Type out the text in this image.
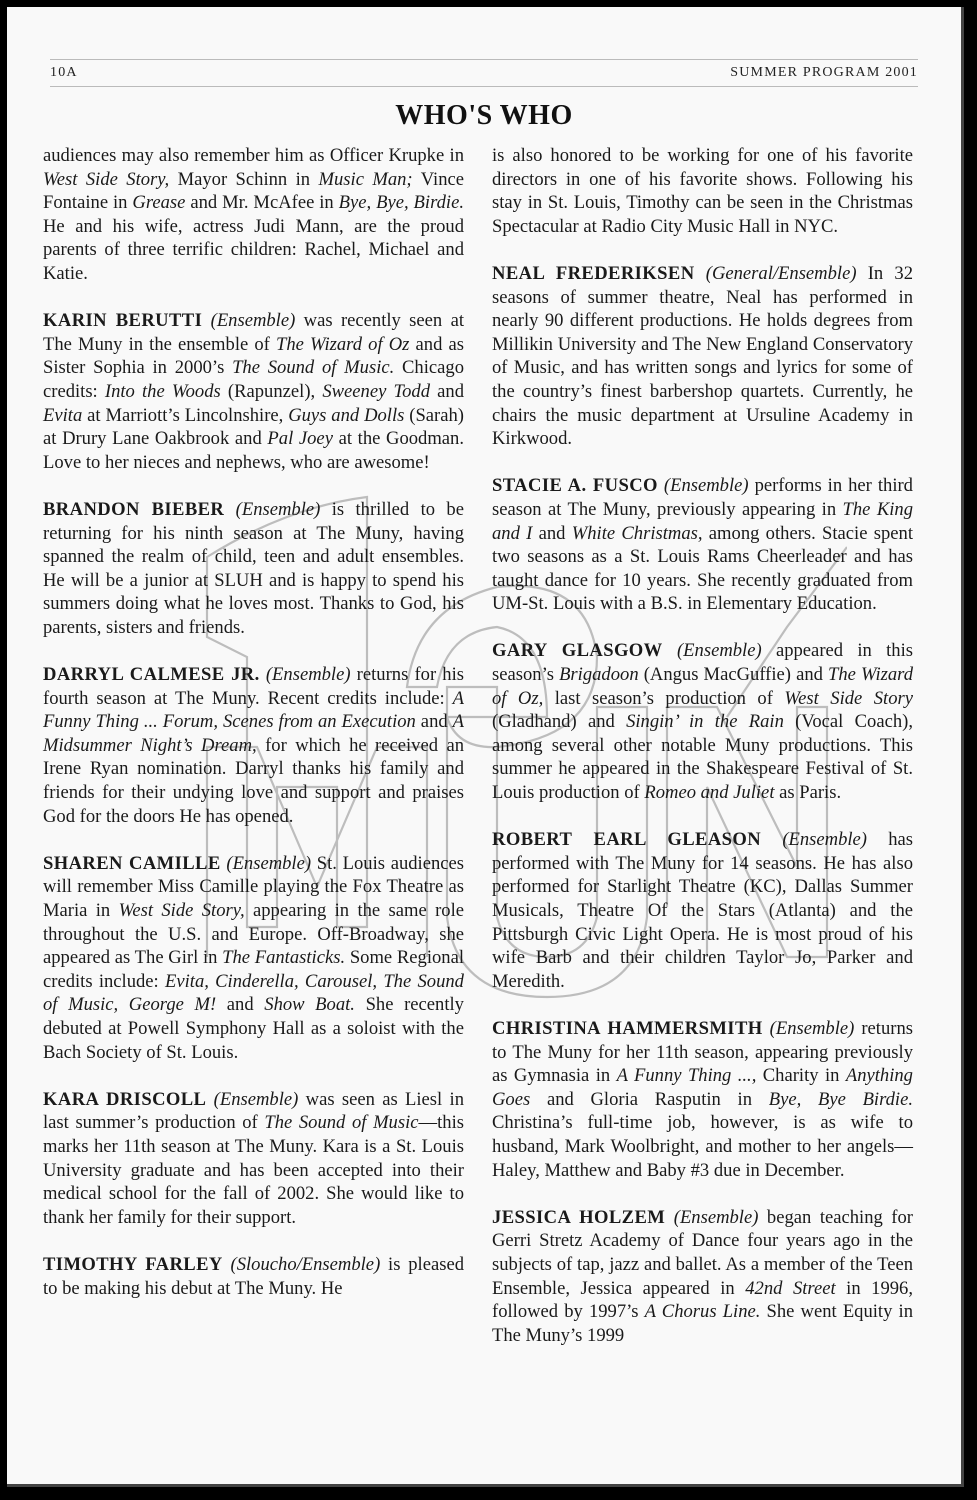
10A	SUMMER PROGRAM 2001
WHO'S WHO

audiences may also remember him as Officer Krupke in West Side Story, Mayor Schinn in Music Man; Vince Fontaine in Grease and Mr. McAfee in Bye, Bye, Birdie. He and his wife, actress Judi Mann, are the proud parents of three terrific children: Rachel, Michael and Katie.

KARIN BERUTTI (Ensemble) was recently seen at The Muny in the ensemble of The Wizard of Oz and as Sister Sophia in 2000’s The Sound of Music. Chicago credits: Into the Woods (Rapunzel), Sweeney Todd and Evita at Marriott’s Lincolnshire, Guys and Dolls (Sarah) at Drury Lane Oakbrook and Pal Joey at the Goodman. Love to her nieces and nephews, who are awesome!

BRANDON BIEBER (Ensemble) is thrilled to be returning for his ninth season at The Muny, having spanned the realm of child, teen and adult ensembles. He will be a junior at SLUH and is happy to spend his summers doing what he loves most. Thanks to God, his parents, sisters and friends.

DARRYL CALMESE JR. (Ensemble) returns for his fourth season at The Muny. Recent credits include: A Funny Thing ... Forum, Scenes from an Execution and A Midsummer Night’s Dream, for which he received an Irene Ryan nomination. Darryl thanks his family and friends for their undying love and support and praises God for the doors He has opened.

SHAREN CAMILLE (Ensemble) St. Louis audiences will remember Miss Camille playing the Fox Theatre as Maria in West Side Story, appearing in the same role throughout the U.S. and Europe. Off-Broadway, she appeared as The Girl in The Fantasticks. Some Regional credits include: Evita, Cinderella, Carousel, The Sound of Music, George M! and Show Boat. She recently debuted at Powell Symphony Hall as a soloist with the Bach Society of St. Louis.

KARA DRISCOLL (Ensemble) was seen as Liesl in last summer’s production of The Sound of Music—this marks her 11th season at The Muny. Kara is a St. Louis University graduate and has been accepted into their medical school for the fall of 2002. She would like to thank her family for their support.

TIMOTHY FARLEY (Sloucho/Ensemble) is pleased to be making his debut at The Muny. He

is also honored to be working for one of his favorite directors in one of his favorite shows. Following his stay in St. Louis, Timothy can be seen in the Christmas Spectacular at Radio City Music Hall in NYC.

NEAL FREDERIKSEN (General/Ensemble) In 32 seasons of summer theatre, Neal has performed in nearly 90 different productions. He holds degrees from Millikin University and The New England Conservatory of Music, and has written songs and lyrics for some of the country’s finest barbershop quartets. Currently, he chairs the music department at Ursuline Academy in Kirkwood.

STACIE A. FUSCO (Ensemble) performs in her third season at The Muny, previously appearing in The King and I and White Christmas, among others. Stacie spent two seasons as a St. Louis Rams Cheerleader and has taught dance for 10 years. She recently graduated from UM-St. Louis with a B.S. in Elementary Education.

GARY GLASGOW (Ensemble) appeared in this season’s Brigadoon (Angus MacGuffie) and The Wizard of Oz, last season’s production of West Side Story (Gladhand) and Singin’ in the Rain (Vocal Coach), among several other notable Muny productions. This summer he appeared in the Shakespeare Festival of St. Louis production of Romeo and Juliet as Paris.

ROBERT EARL GLEASON (Ensemble) has performed with The Muny for 14 seasons. He has also performed for Starlight Theatre (KC), Dallas Summer Musicals, Theatre Of the Stars (Atlanta) and the Pittsburgh Civic Light Opera. He is most proud of his wife Barb and their children Taylor Jo, Parker and Meredith.

CHRISTINA HAMMERSMITH (Ensemble) returns to The Muny for her 11th season, appearing previously as Gymnasia in A Funny Thing ..., Charity in Anything Goes and Gloria Rasputin in Bye, Bye Birdie. Christina’s full-time job, however, is as wife to husband, Mark Woolbright, and mother to her angels— Haley, Matthew and Baby #3 due in December.

JESSICA HOLZEM (Ensemble) began teaching for Gerri Stretz Academy of Dance four years ago in the subjects of tap, jazz and ballet. As a member of the Teen Ensemble, Jessica appeared in 42nd Street in 1996, followed by 1997’s A Chorus Line. She went Equity in The Muny’s 1999
